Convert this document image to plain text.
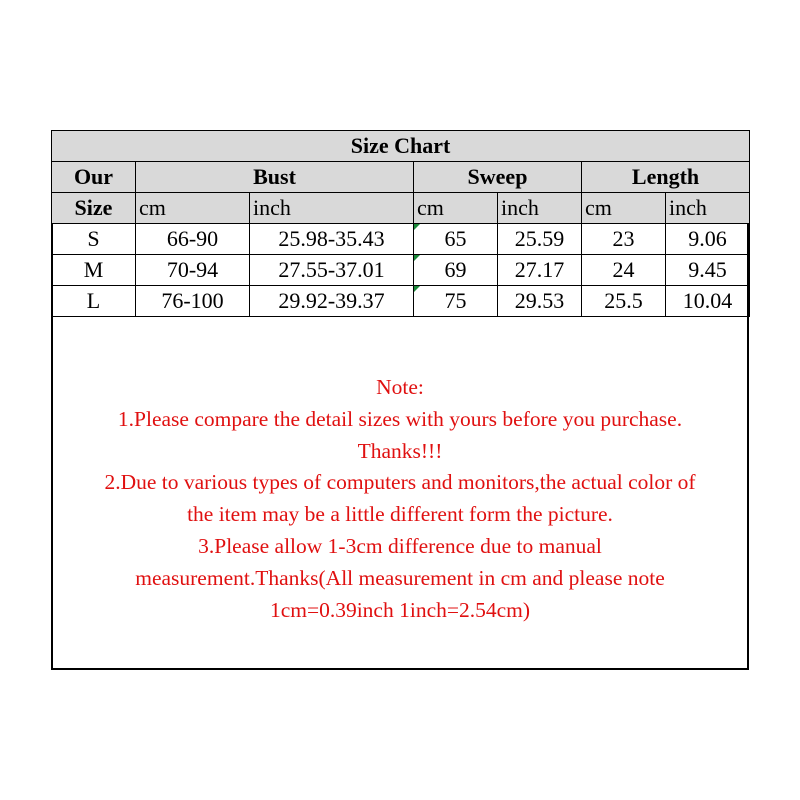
Size Chart						
Our	Bust		Sweep		Length	
Size	cm	inch	cm	inch	cm	inch
S	66-90	25.98-35.43	65	25.59	23	9.06
M	70-94	27.55-37.01	69	27.17	24	9.45
L	76-100	29.92-39.37	75	29.53	25.5	10.04
Note:
1.Please compare the detail sizes with yours before you purchase.
Thanks!!!
2.Due to various types of computers and monitors,the actual color of
the item may be a little different form the picture.
3.Please allow 1-3cm difference due to manual
measurement.Thanks(All measurement in cm and please note
1cm=0.39inch 1inch=2.54cm)
